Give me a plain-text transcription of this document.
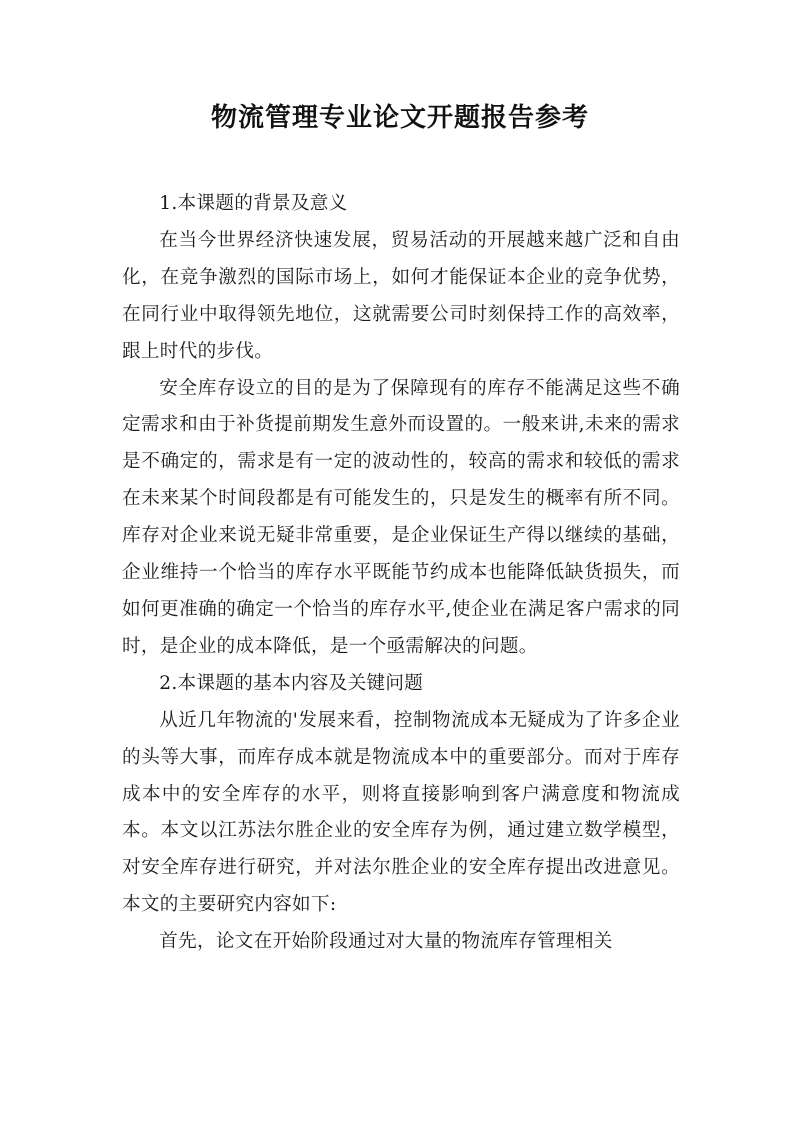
物流管理专业论文开题报告参考

1.本课题的背景及意义

在当今世界经济快速发展，贸易活动的开展越来越广泛和自由化，在竞争激烈的国际市场上，如何才能保证本企业的竞争优势，在同行业中取得领先地位，这就需要公司时刻保持工作的高效率，跟上时代的步伐。

安全库存设立的目的是为了保障现有的库存不能满足这些不确定需求和由于补货提前期发生意外而设置的。一般来讲,未来的需求是不确定的，需求是有一定的波动性的，较高的需求和较低的需求在未来某个时间段都是有可能发生的，只是发生的概率有所不同。库存对企业来说无疑非常重要，是企业保证生产得以继续的基础，企业维持一个恰当的库存水平既能节约成本也能降低缺货损失，而如何更准确的确定一个恰当的库存水平,使企业在满足客户需求的同时，是企业的成本降低，是一个亟需解决的问题。

2.本课题的基本内容及关键问题

从近几年物流的'发展来看，控制物流成本无疑成为了许多企业的头等大事，而库存成本就是物流成本中的重要部分。而对于库存成本中的安全库存的水平，则将直接影响到客户满意度和物流成本。本文以江苏法尔胜企业的安全库存为例，通过建立数学模型，对安全库存进行研究，并对法尔胜企业的安全库存提出改进意见。本文的主要研究内容如下:

首先，论文在开始阶段通过对大量的物流库存管理相关
